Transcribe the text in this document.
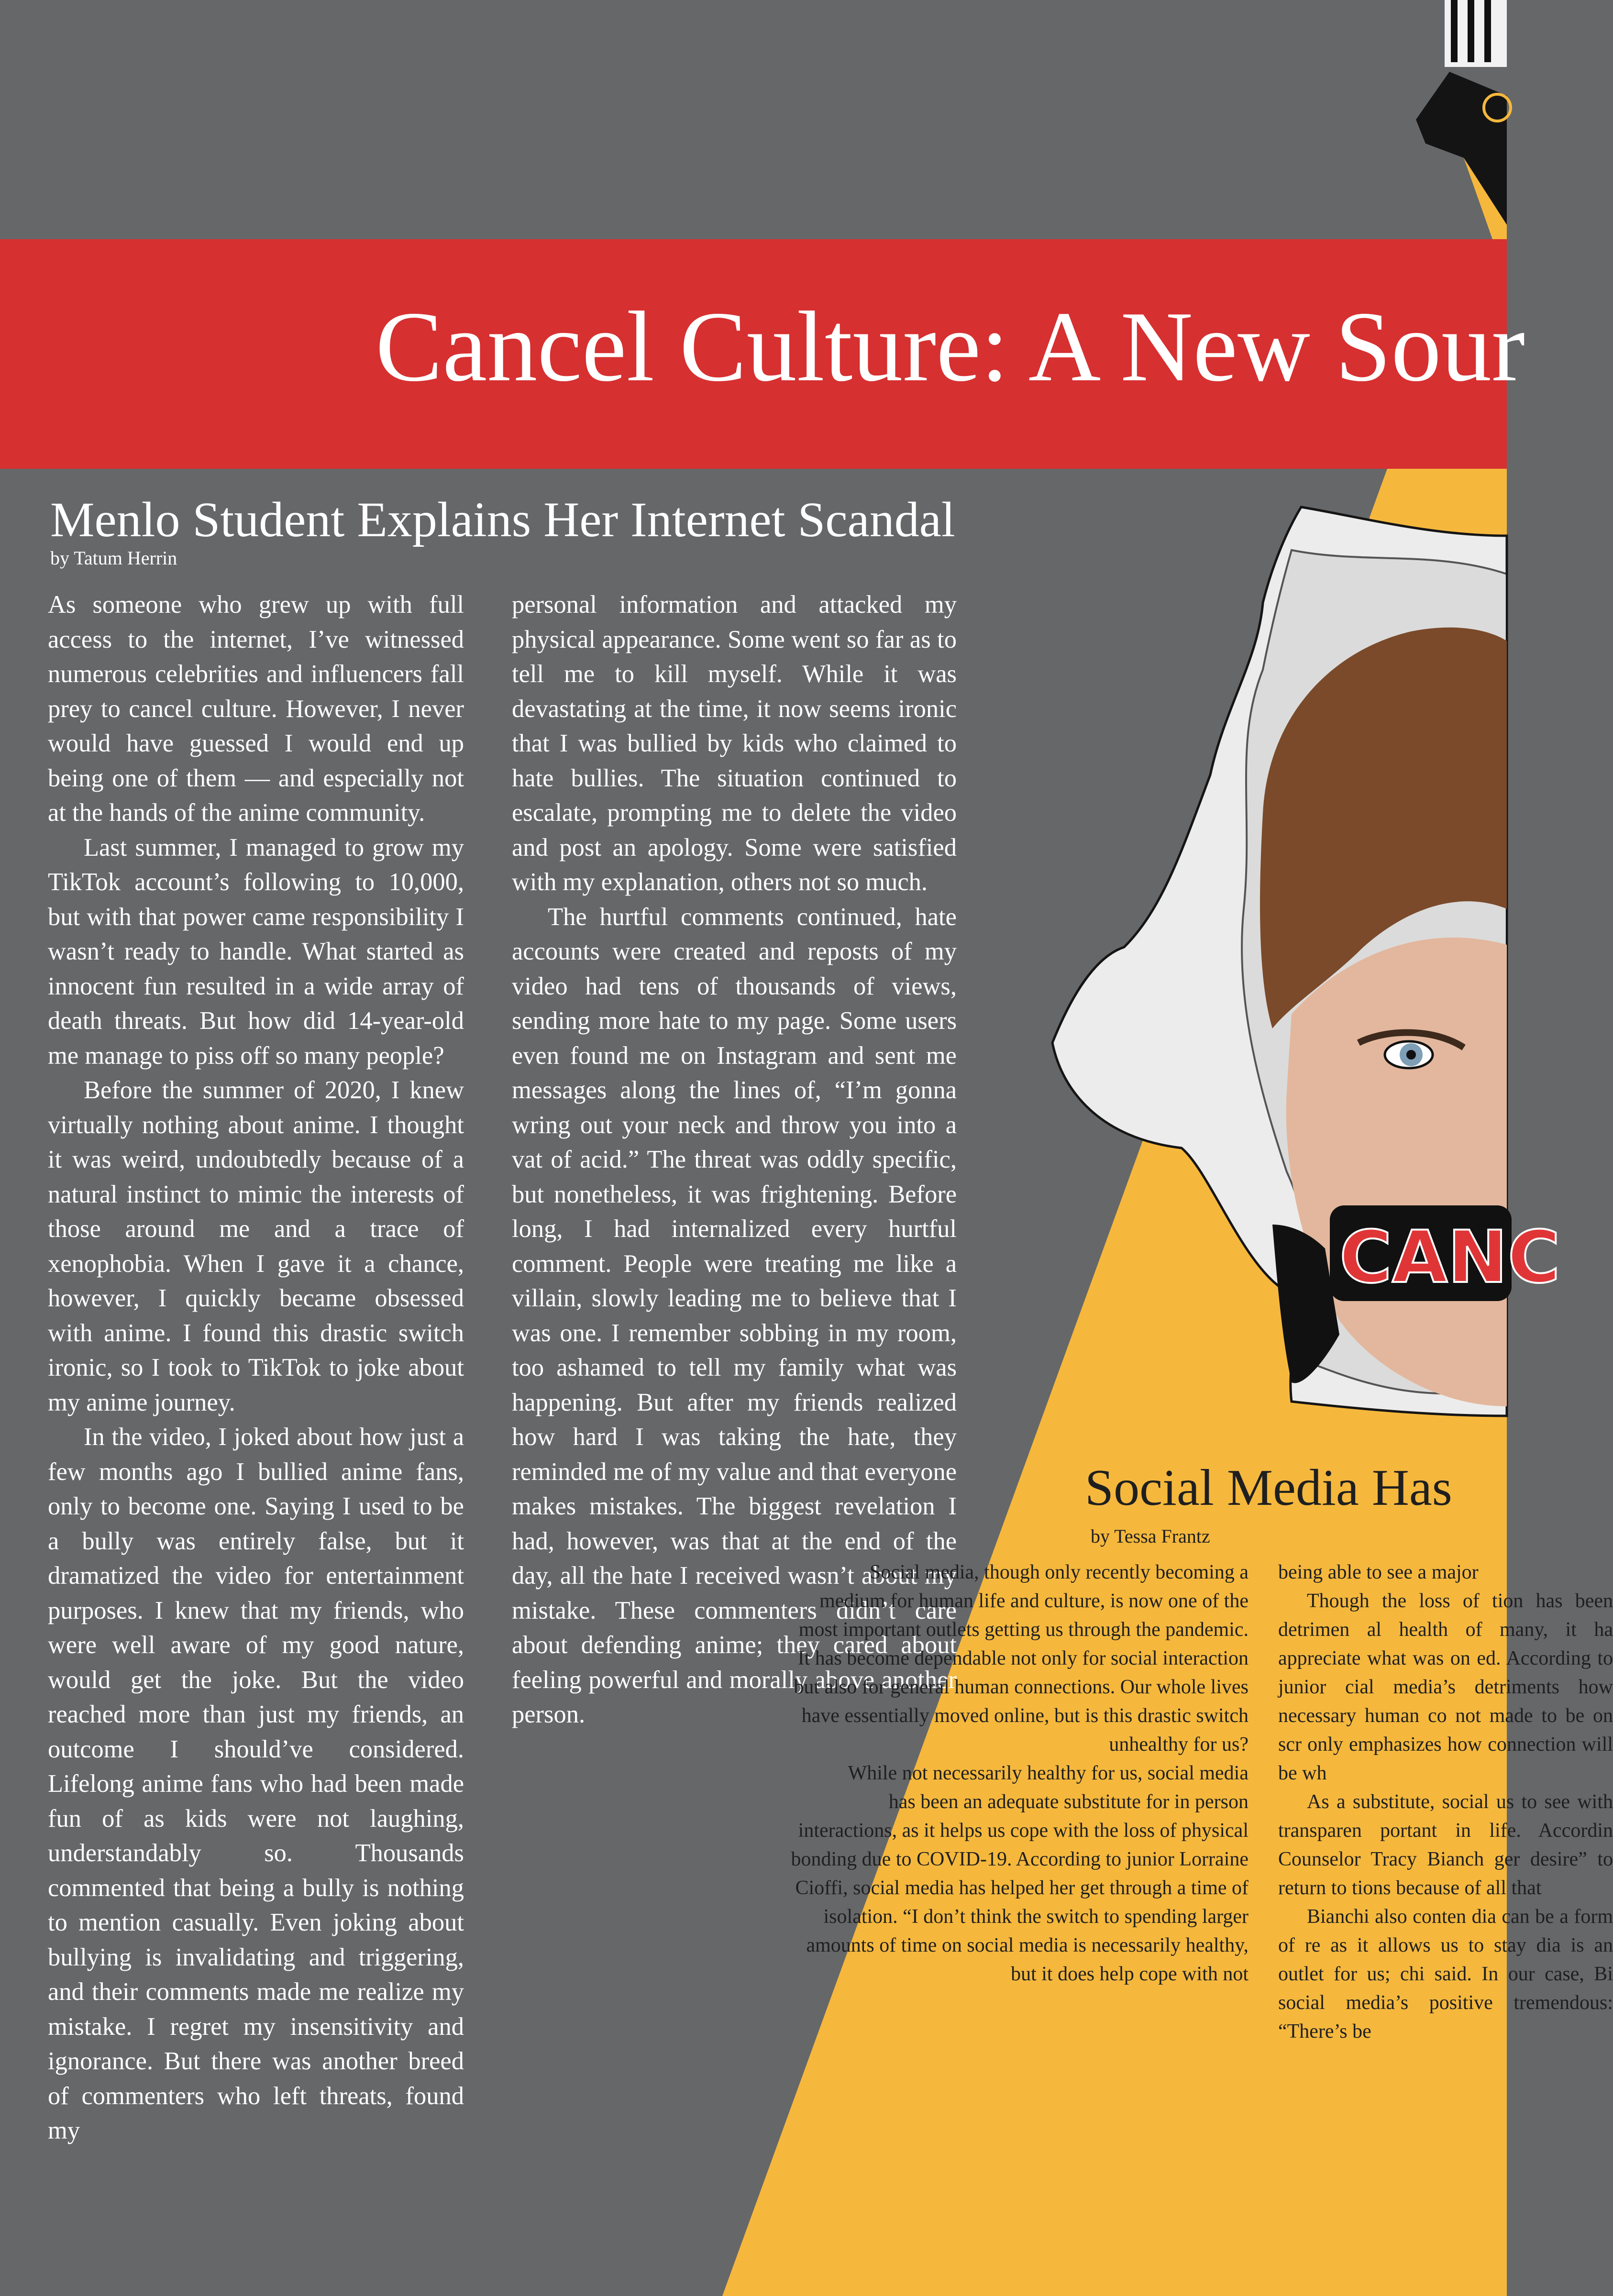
CANC
Cancel Culture: A New Sour
Menlo Student Explains Her Internet Scandal
by Tatum Herrin

As someone who grew up with full access to the internet, I’ve witnessed numerous celebrities and influencers fall prey to cancel culture. However, I never would have guessed I would end up being one of them — and especially not at the hands of the anime community.

Last summer, I managed to grow my TikTok account’s following to 10,000, but with that power came responsibility I wasn’t ready to handle. What started as innocent fun resulted in a wide array of death threats. But how did 14-year-old me manage to piss off so many people?

Before the summer of 2020, I knew virtually nothing about anime. I thought it was weird, undoubtedly because of a natural instinct to mimic the interests of those around me and a trace of xenophobia. When I gave it a chance, however, I quickly became obsessed with anime. I found this drastic switch ironic, so I took to TikTok to joke about my anime journey.

In the video, I joked about how just a few months ago I bullied anime fans, only to become one. Saying I used to be a bully was entirely false, but it dramatized the video for entertainment purposes. I knew that my friends, who were well aware of my good nature, would get the joke. But the video reached more than just my friends, an outcome I should’ve considered. Lifelong anime fans who had been made fun of as kids were not laughing, understandably so. Thousands commented that being a bully is nothing to mention casually. Even joking about bullying is invalidating and triggering, and their comments made me realize my mistake. I regret my insensitivity and ignorance. But there was another breed of commenters who left threats, found my

personal information and attacked my physical appearance. Some went so far as to tell me to kill myself. While it was devastating at the time, it now seems ironic that I was bullied by kids who claimed to hate bullies. The situation continued to escalate, prompting me to delete the video and post an apology. Some were satisfied with my explanation, others not so much.

The hurtful comments continued, hate accounts were created and reposts of my video had tens of thousands of views, sending more hate to my page. Some users even found me on Instagram and sent me messages along the lines of, “I’m gonna wring out your neck and throw you into a vat of acid.” The threat was oddly specific, but nonetheless, it was frightening. Before long, I had internalized every hurtful comment. People were treating me like a villain, slowly leading me to believe that I was one. I remember sobbing in my room, too ashamed to tell my family what was happening. But after my friends realized how hard I was taking the hate, they reminded me of my value and that everyone makes mistakes. The biggest revelation I had, however, was that at the end of the day, all the hate I received wasn’t about my mistake. These commenters didn’t care about defending anime; they cared about feeling powerful and morally above another person.

Social Media Has
by Tessa Frantz

Social media, though only recently becoming a medium for human life and culture, is now one of the most important outlets getting us through the pandemic. It has become dependable not only for social interaction but also for general human connections. Our whole lives have essentially moved online, but is this drastic switch unhealthy for us?

While not necessarily healthy for us, social media has been an adequate substitute for in person interactions, as it helps us cope with the loss of physical bonding due to COVID-19. According to junior Lorraine Cioffi, social media has helped her get through a time of isolation. “I don’t think the switch to spending larger amounts of time on social media is necessarily healthy, but it does help cope with not

being able to see a major

Though the loss of tion has been detrimen al health of many, it ha appreciate what was on ed. According to junior cial media’s detriments how necessary human co not made to be on scr only emphasizes how connection will be wh

As a substitute, social us to see with transparen portant in life. Accordin Counselor Tracy Bianch ger desire” to return to tions because of all that

Bianchi also conten dia can be a form of re as it allows us to stay dia is an outlet for us; chi said. In our case, Bi social media’s positive tremendous: “There’s be
